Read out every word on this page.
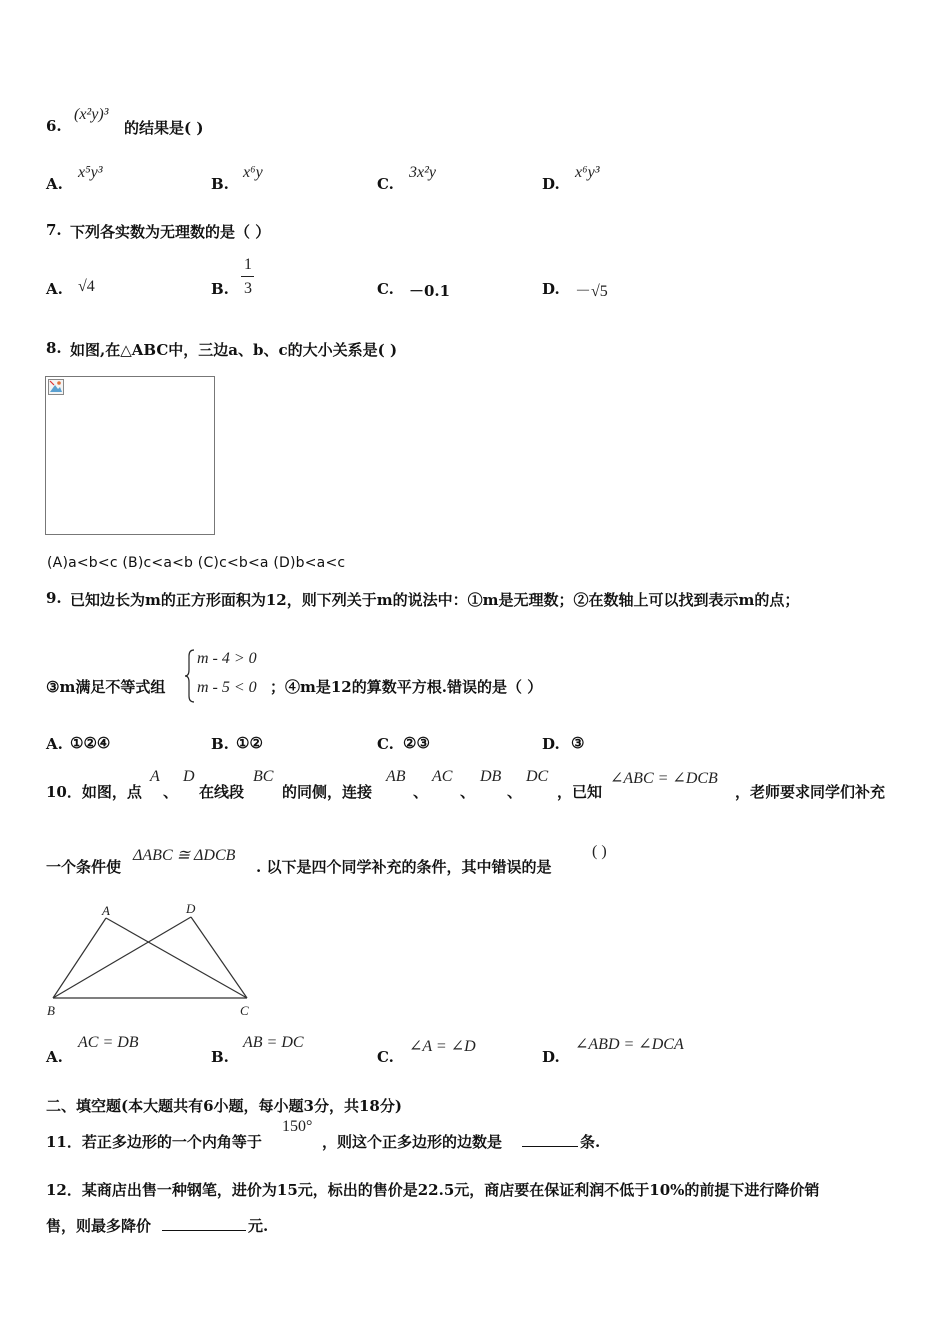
6.
(x²y)³
的结果是( )
A.
x⁵y³
B.
x⁶y
C.
3x²y
D.
x⁶y³
7. 下列各实数为无理数的是（ ）
A. √4	B.
1
3	C. －0.1	D. －√5
8. 如图,在△ABC中，三边a、b、c的大小关系是( )
(A)a<b<c (B)c<a<b (C)c<b<a (D)b<a<c
9. 已知边长为m的正方形面积为12，则下列关于m的说法中：①m是无理数；②在数轴上可以找到表示m的点；
③m满足不等式组
m - 4 > 0
m - 5 < 0 ；④m是12的算数平方根.错误的是（ ）
A. ①②④	B. ①②	C. ②③	D. ③
10．如图，点
A
、
D
在线段
BC
的同侧，连接
AB
、
AC
、
DB
、
DC
，已知
∠ABC = ∠DCB
，老师要求同学们补充
一个条件使
ΔABC ≅ ΔDCB
. 以下是四个同学补充的条件，其中错误的是
( )
A	D
B	C
A.
AC = DB
B.
AB = DC
C.
∠A = ∠D
D.
∠ABD = ∠DCA
二、填空题(本大题共有6小题，每小题3分，共18分)
11．若正多边形的一个内角等于
150°
，则这个正多边形的边数是	条.
12．某商店出售一种钢笔，进价为15元，标出的售价是22.5元，商店要在保证利润不低于10%的前提下进行降价销
售，则最多降价	元.
